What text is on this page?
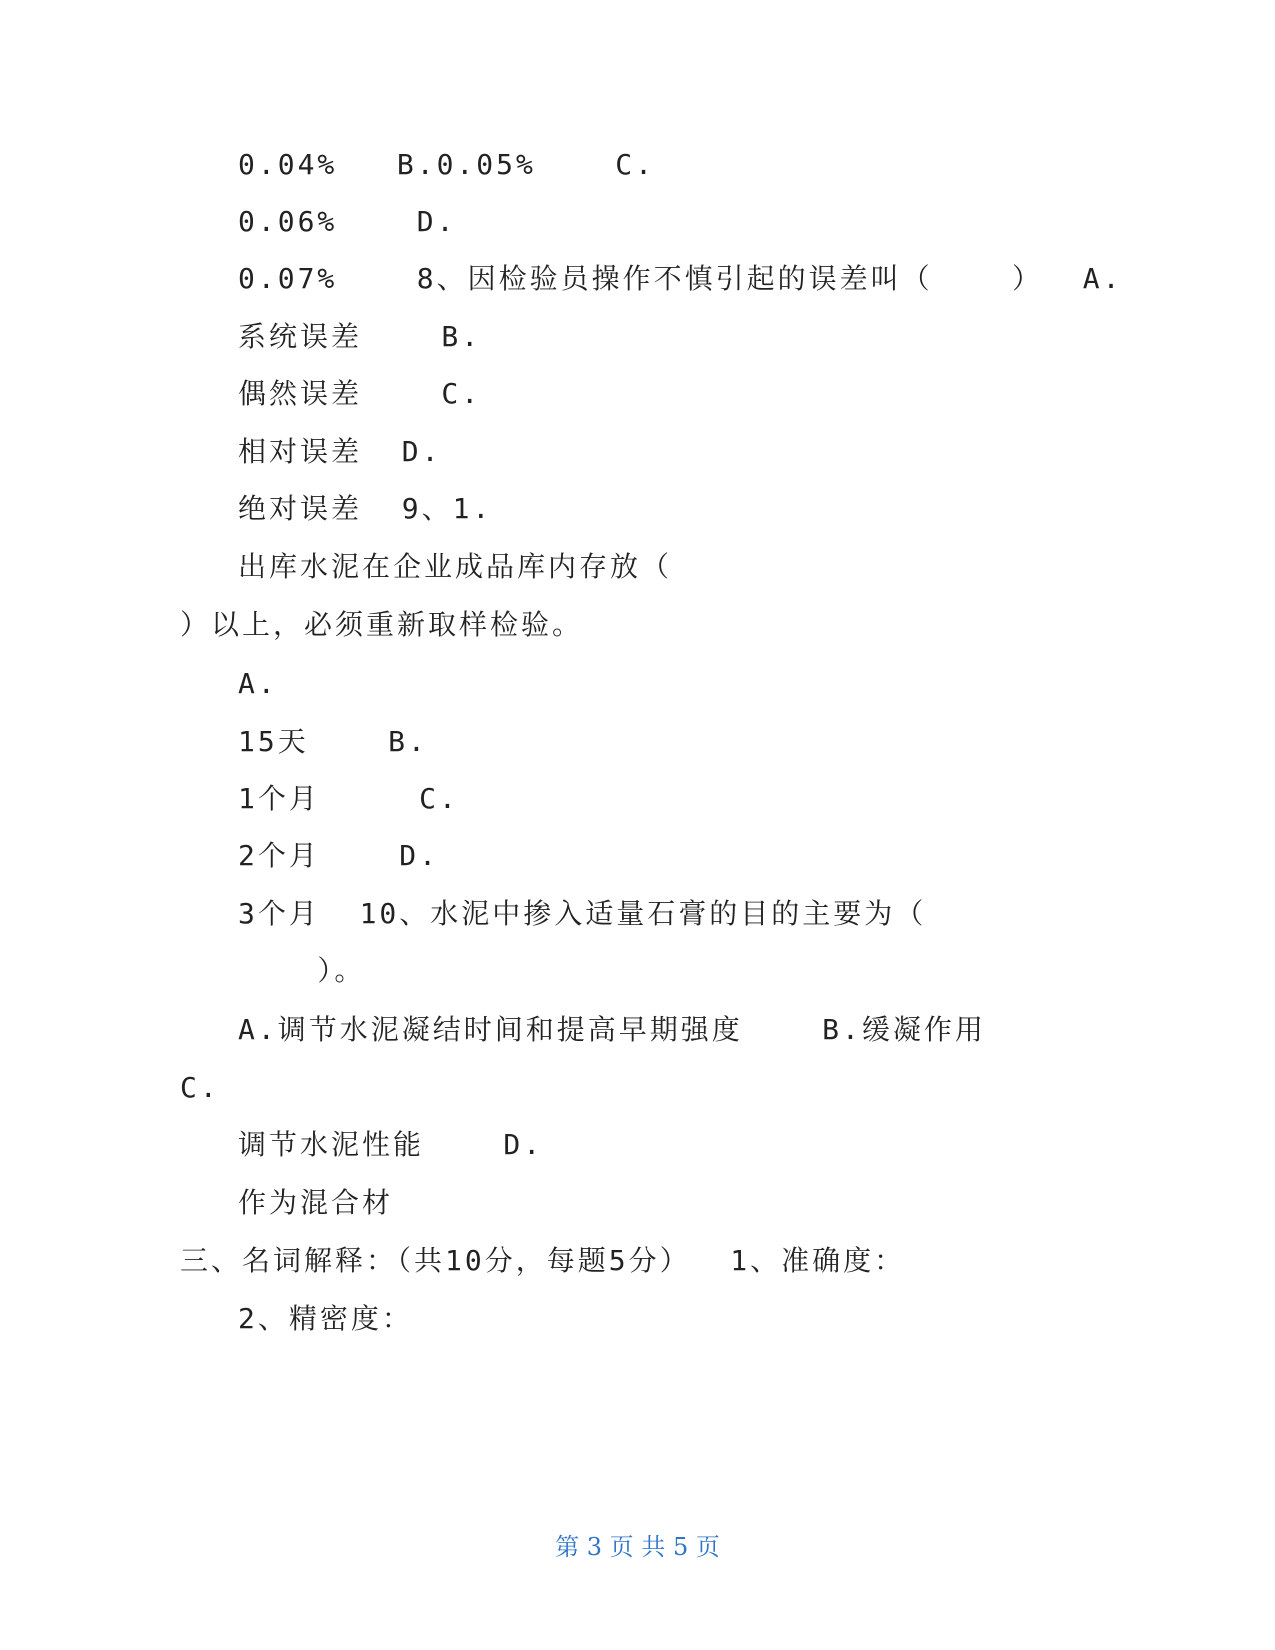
0.04%   B.0.05%    C.
0.06%    D.
0.07%    8、因检验员操作不慎引起的误差叫（    ）  A.
系统误差    B.
偶然误差    C.
相对误差  D.
绝对误差  9、1.
出库水泥在企业成品库内存放（
）以上，必须重新取样检验。
A.
15天    B.
1个月     C.
2个月    D.
3个月  10、水泥中掺入适量石膏的目的主要为（
）。
A.调节水泥凝结时间和提高早期强度    B.缓凝作用
C.
调节水泥性能    D.
作为混合材
三、名词解释：（共10分，每题5分）  1、准确度：
2、精密度：
第 3 页 共 5 页
